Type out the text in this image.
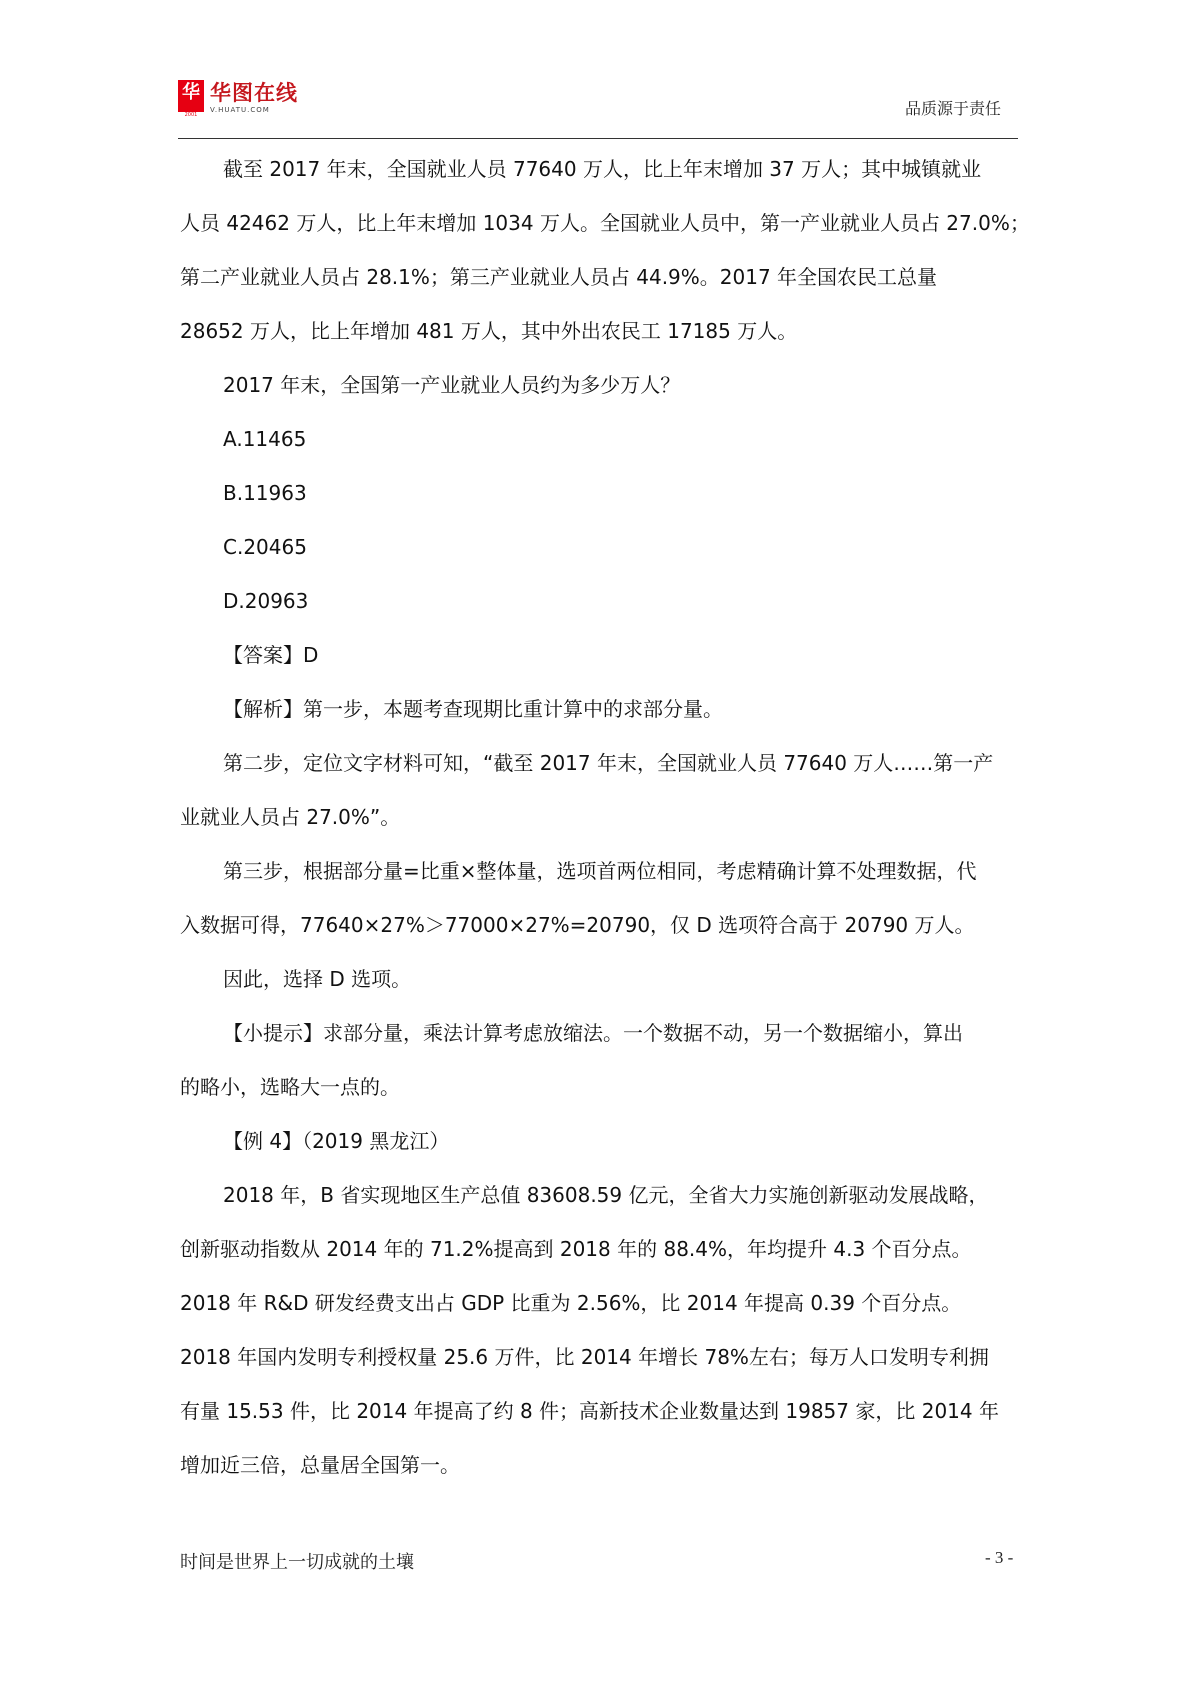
华
SINCE 2001
华图在线
V.HUATU.COM	品质源于责任

截至 2017 年末，全国就业人员 77640 万人，比上年末增加 37 万人；其中城镇就业

人员 42462 万人，比上年末增加 1034 万人。全国就业人员中，第一产业就业人员占 27.0%；

第二产业就业人员占 28.1%；第三产业就业人员占 44.9%。2017 年全国农民工总量

28652 万人，比上年增加 481 万人，其中外出农民工 17185 万人。

2017 年末，全国第一产业就业人员约为多少万人？

A.11465

B.11963

C.20465

D.20963

【答案】D

【解析】第一步，本题考查现期比重计算中的求部分量。

第二步，定位文字材料可知，“截至 2017 年末，全国就业人员 77640 万人……第一产

业就业人员占 27.0%”。

第三步，根据部分量=比重×整体量，选项首两位相同，考虑精确计算不处理数据，代

入数据可得，77640×27%＞77000×27%=20790，仅 D 选项符合高于 20790 万人。

因此，选择 D 选项。

【小提示】求部分量，乘法计算考虑放缩法。一个数据不动，另一个数据缩小，算出

的略小，选略大一点的。

【例 4】（2019 黑龙江）

2018 年，B 省实现地区生产总值 83608.59 亿元，全省大力实施创新驱动发展战略，

创新驱动指数从 2014 年的 71.2%提高到 2018 年的 88.4%，年均提升 4.3 个百分点。

2018 年 R&D 研发经费支出占 GDP 比重为 2.56%，比 2014 年提高 0.39 个百分点。

2018 年国内发明专利授权量 25.6 万件，比 2014 年增长 78%左右；每万人口发明专利拥

有量 15.53 件，比 2014 年提高了约 8 件；高新技术企业数量达到 19857 家，比 2014 年

增加近三倍，总量居全国第一。

时间是世界上一切成就的土壤	- 3 -
